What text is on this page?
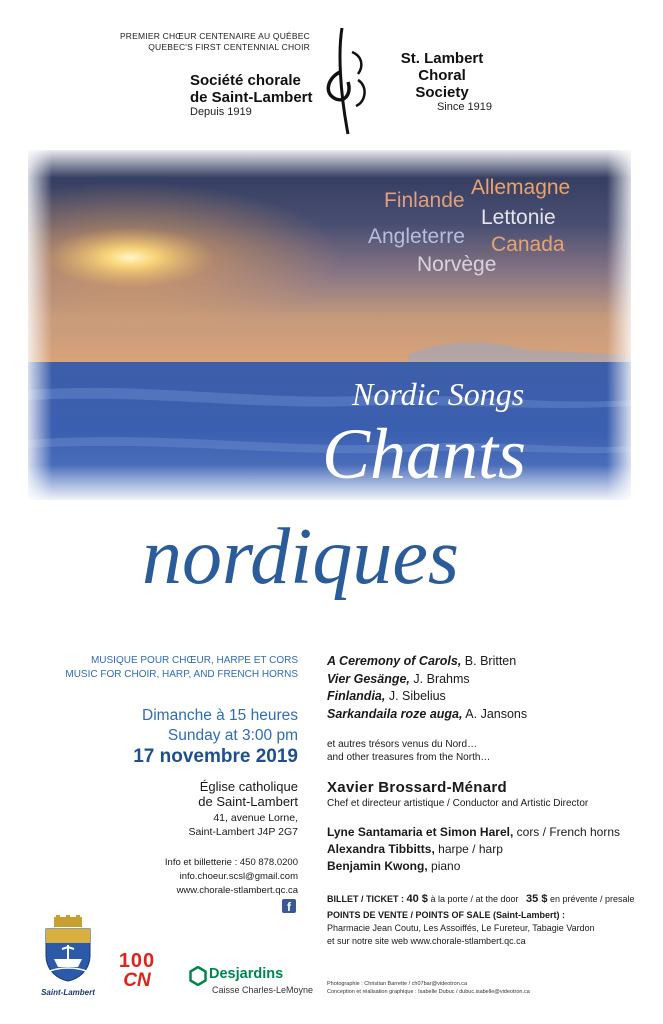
PREMIER CHŒUR CENTENAIRE AU QUÉBEC
QUEBEC'S FIRST CENTENNIAL CHOIR
Société chorale
de Saint-Lambert
Depuis 1919
St. Lambert
Choral Society
Since 1919
Allemagne
Finlande
Lettonie
Angleterre Canada
Norvège
Nordic Songs
Chants
nordiques
MUSIQUE POUR CHŒUR, HARPE ET CORS
MUSIC FOR CHOIR, HARP, AND FRENCH HORNS
Dimanche à 15 heures
Sunday at 3:00 pm
17 novembre 2019
Église catholique
de Saint-Lambert
41, avenue Lorne,
Saint-Lambert J4P 2G7
Info et billetterie : 450 878.0200
info.choeur.scsl@gmail.com
www.chorale-stlambert.qc.ca
f
A Ceremony of Carols, B. Britten
Vier Gesänge, J. Brahms
Finlandia, J. Sibelius
Sarkandaila roze auga, A. Jansons
et autres trésors venus du Nord…
and other treasures from the North…
Xavier Brossard-Ménard
Chef et directeur artistique / Conductor and Artistic Director
Lyne Santamaria et Simon Harel, cors / French horns
Alexandra Tibbitts, harpe / harp
Benjamin Kwong, piano
BILLET / TICKET : 40 $ à la porte / at the door 35 $ en prévente / presale
POINTS DE VENTE / POINTS OF SALE (Saint-Lambert) :
Pharmacie Jean Coutu, Les Assoiffés, Le Fureteur, Tabagie Vardon
et sur notre site web www.chorale-stlambert.qc.ca
Photographie : Christian Barrette / ch07bar@videotron.ca
Conception et réalisation graphique : Isabelle Dubuc / dubuc.isabelle@videotron.ca
Saint-Lambert
100
CN	Desjardins
Caisse Charles-LeMoyne
